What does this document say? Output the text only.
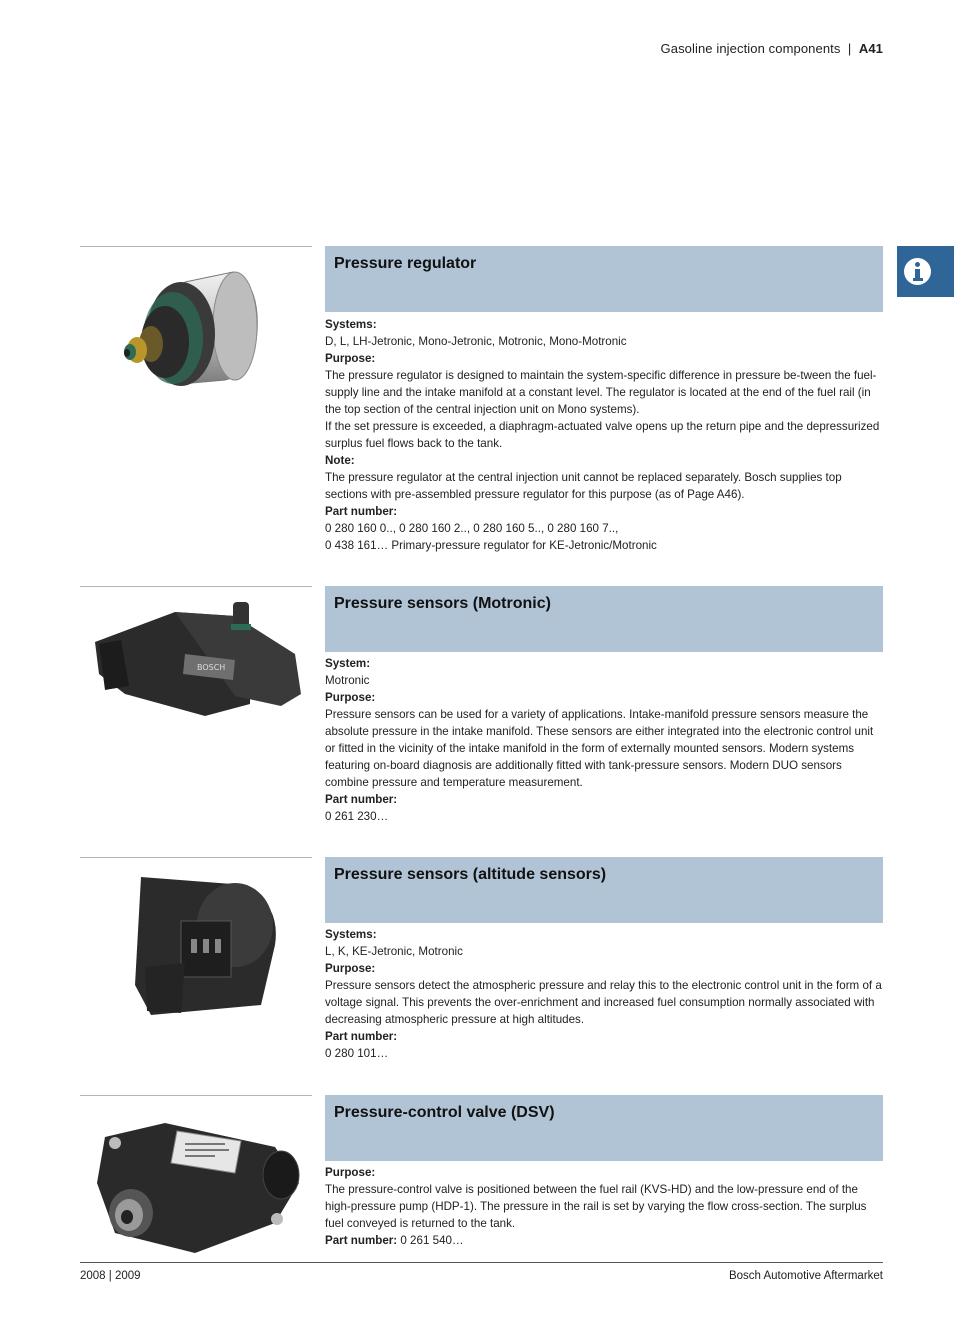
Gasoline injection components | A41
Pressure regulator
Systems:

D, L, LH-Jetronic, Mono-Jetronic, Motronic, Mono-Motronic

Purpose:

The pressure regulator is designed to maintain the system-specific difference in pressure be-tween the fuel-supply line and the intake manifold at a constant level. The regulator is located at the end of the fuel rail (in the top section of the central injection unit on Mono systems).

If the set pressure is exceeded, a diaphragm-actuated valve opens up the return pipe and the depressurized surplus fuel flows back to the tank.

Note:

The pressure regulator at the central injection unit cannot be replaced separately. Bosch supplies top sections with pre-assembled pressure regulator for this purpose (as of Page A46).

Part number:

0 280 160 0.., 0 280 160 2.., 0 280 160 5.., 0 280 160 7..,

0 438 161… Primary-pressure regulator for KE-Jetronic/Motronic

BOSCH
Pressure sensors (Motronic)
System:

Motronic

Purpose:

Pressure sensors can be used for a variety of applications. Intake-manifold pressure sensors measure the absolute pressure in the intake manifold. These sensors are either integrated into the electronic control unit or fitted in the vicinity of the intake manifold in the form of externally mounted sensors. Modern systems featuring on-board diagnosis are additionally fitted with tank-pressure sensors. Modern DUO sensors combine pressure and temperature measurement.

Part number:

0 261 230…

Pressure sensors (altitude sensors)
Systems:

L, K, KE-Jetronic, Motronic

Purpose:

Pressure sensors detect the atmospheric pressure and relay this to the electronic control unit in the form of a voltage signal. This prevents the over-enrichment and increased fuel consumption normally associated with decreasing atmospheric pressure at high altitudes.

Part number:

0 280 101…

Pressure-control valve (DSV)
Purpose:

The pressure-control valve is positioned between the fuel rail (KVS-HD) and the low-pressure end of the high-pressure pump (HDP-1). The pressure in the rail is set by varying the flow cross-section. The surplus fuel conveyed is returned to the tank.

Part number: 0 261 540…

2008 | 2009	Bosch Automotive Aftermarket
